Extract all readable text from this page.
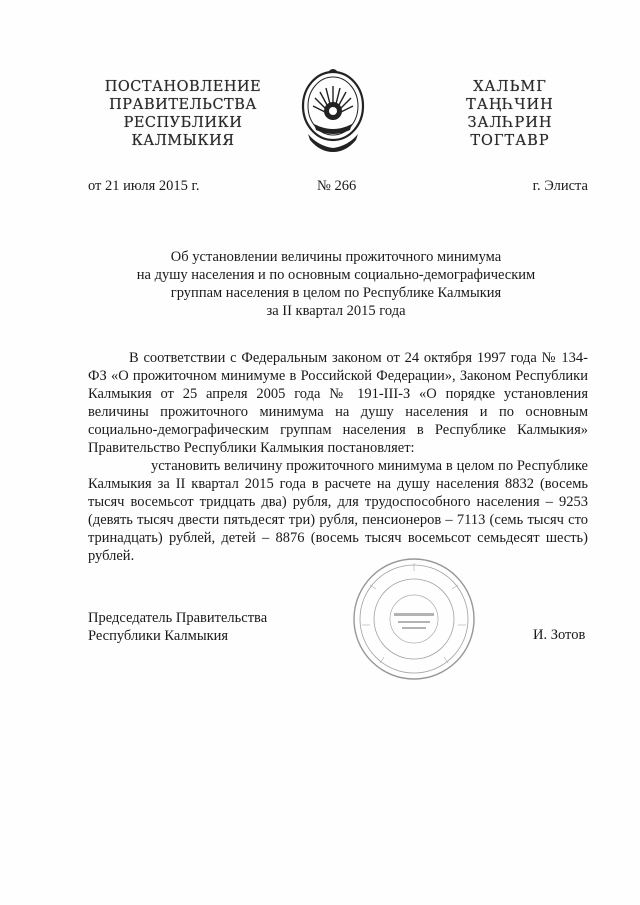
ПОСТАНОВЛЕНИЕ
ПРАВИТЕЛЬСТВА
РЕСПУБЛИКИ
КАЛМЫКИЯ
ХАЛЬМГ
ТАҢҺЧИН
ЗАЛҺРИН
ТОГТАВР
от 21 июля 2015 г.	№ 266	г. Элиста
Об установлении величины прожиточного минимума
на душу населения и по основным социально-демографическим
группам населения в целом по Республике Калмыкия
за II квартал 2015 года

В соответствии с Федеральным законом от 24 октября 1997 года № 134-ФЗ «О прожиточном минимуме в Российской Федерации», Законом Республики Калмыкия от 25 апреля 2005 года № 191-III-З «О порядке установления величины прожиточного минимума на душу населения и по основным социально-демографическим группам населения в Республике Калмыкия» Правительство Республики Калмыкия постановляет:

установить величину прожиточного минимума в целом по Республике Калмыкия за II квартал 2015 года в расчете на душу населения 8832 (восемь тысяч восемьсот тридцать два) рубля, для трудоспособного населения – 9253 (девять тысяч двести пятьдесят три) рубля, пенсионеров – 7113 (семь тысяч сто тринадцать) рублей, детей – 8876 (восемь тысяч восемьсот семьдесят шесть) рублей.

Председатель Правительства
Республики Калмыкия	И. Зотов
